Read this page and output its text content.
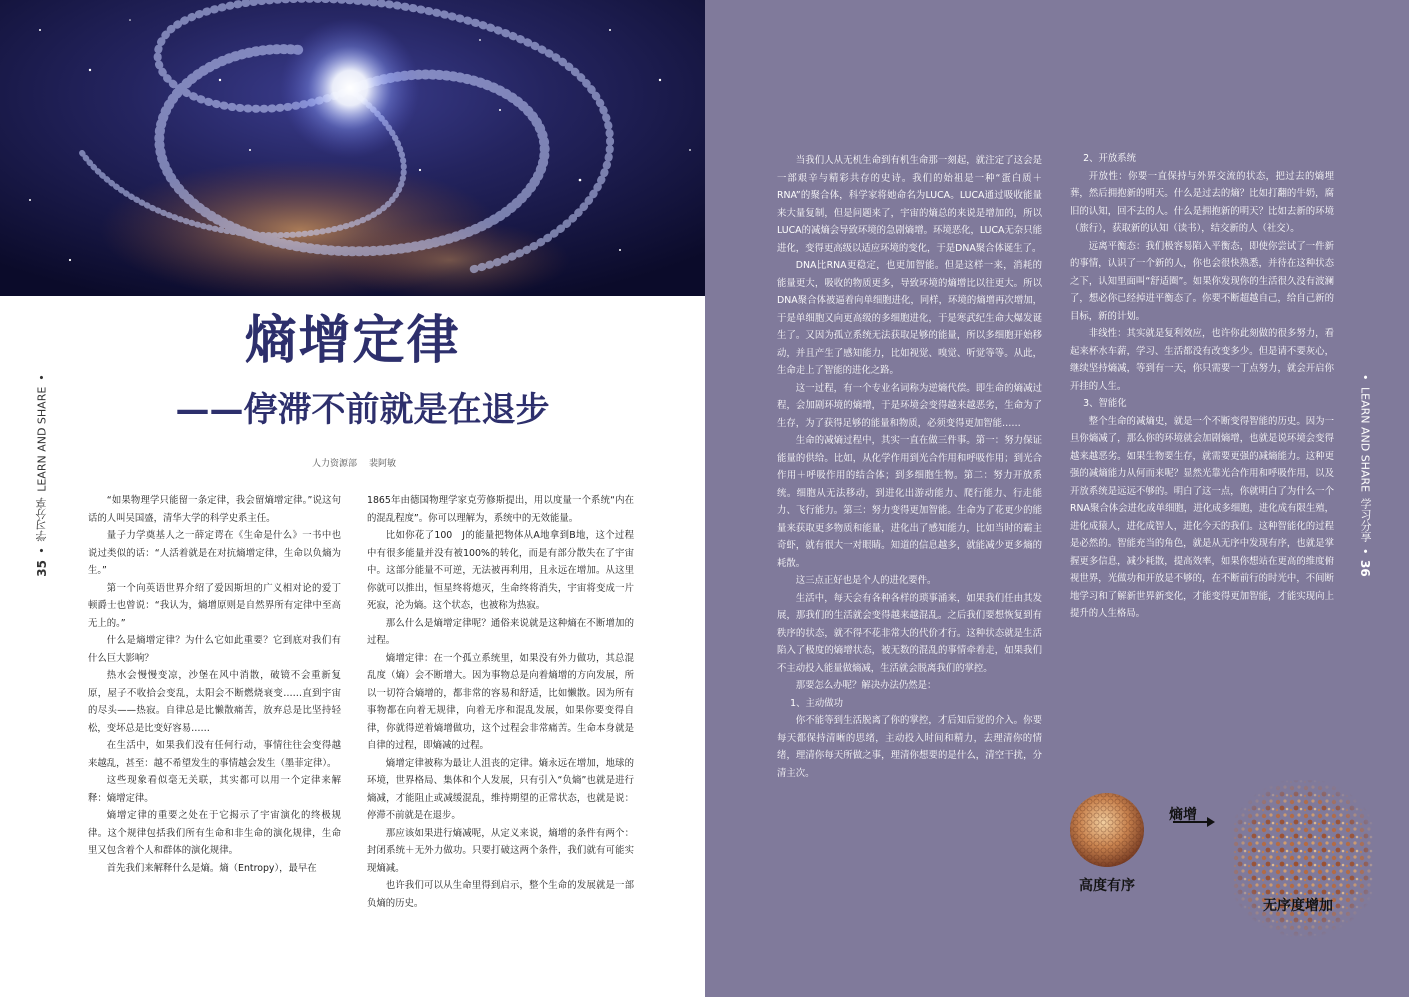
熵增定律
——停滞不前就是在退步
人力资源部 裴阿敏
35
•
学习分享
LEARN AND SHARE
•

“如果物理学只能留一条定律，我会留熵增定律。”说这句话的人叫吴国盛，清华大学的科学史系主任。

量子力学奠基人之一薛定谔在《生命是什么》一书中也说过类似的话：“人活着就是在对抗熵增定律，生命以负熵为生。”

第一个向英语世界介绍了爱因斯坦的广义相对论的爱丁顿爵士也曾说：“我认为，熵增原则是自然界所有定律中至高无上的。”

什么是熵增定律？为什么它如此重要？它到底对我们有什么巨大影响？

热水会慢慢变凉，沙堡在风中消散，破镜不会重新复原，屋子不收拾会变乱，太阳会不断燃烧衰变……直到宇宙的尽头——热寂。自律总是比懒散痛苦，放弃总是比坚持轻松，变坏总是比变好容易……

在生活中，如果我们没有任何行动，事情往往会变得越来越乱，甚至：越不希望发生的事情越会发生（墨菲定律）。

这些现象看似毫无关联，其实都可以用一个定律来解释：熵增定律。

熵增定律的重要之处在于它揭示了宇宙演化的终极规律。这个规律包括我们所有生命和非生命的演化规律，生命里又包含着个人和群体的演化规律。

首先我们来解释什么是熵。熵（Entropy），最早在

1865年由德国物理学家克劳修斯提出，用以度量一个系统“内在的混乱程度”。你可以理解为，系统中的无效能量。

比如你花了100　J的能量把物体从A地拿到B地，这个过程中有很多能量并没有被100%的转化，而是有部分散失在了宇宙中。这部分能量不可逆，无法被再利用，且永远在增加。从这里你就可以推出，恒星终将熄灭，生命终将消失，宇宙将变成一片死寂，沦为熵。这个状态，也被称为热寂。

那么什么是熵增定律呢？通俗来说就是这种熵在不断增加的过程。

熵增定律：在一个孤立系统里，如果没有外力做功，其总混乱度（熵）会不断增大。因为事物总是向着熵增的方向发展，所以一切符合熵增的，都非常的容易和舒适，比如懒散。因为所有事物都在向着无规律，向着无序和混乱发展，如果你要变得自律，你就得逆着熵增做功，这个过程会非常痛苦。生命本身就是自律的过程，即熵减的过程。

熵增定律被称为最让人沮丧的定律。熵永远在增加，地球的环境，世界格局、集体和个人发展，只有引入“负熵”也就是进行熵减，才能阻止或减缓混乱，维持期望的正常状态，也就是说：停滞不前就是在退步。

那应该如果进行熵减呢，从定义来说，熵增的条件有两个：封闭系统＋无外力做功。只要打破这两个条件，我们就有可能实现熵减。

也许我们可以从生命里得到启示，整个生命的发展就是一部负熵的历史。

当我们人从无机生命到有机生命那一刻起，就注定了这会是一部艰辛与精彩共存的史诗。我们的始祖是一种“蛋白质＋RNA”的聚合体，科学家将她命名为LUCA。LUCA通过吸收能量来大量复制，但是问题来了，宇宙的熵总的来说是增加的，所以LUCA的减熵会导致环境的急剧熵增。环境恶化，LUCA无奈只能进化，变得更高级以适应环境的变化，于是DNA聚合体诞生了。

DNA比RNA更稳定，也更加智能。但是这样一来，消耗的能量更大，吸收的物质更多，导致环境的熵增比以往更大。所以DNA聚合体被逼着向单细胞进化，同样，环境的熵增再次增加，于是单细胞又向更高级的多细胞进化，于是寒武纪生命大爆发诞生了。又因为孤立系统无法获取足够的能量，所以多细胞开始移动，并且产生了感知能力，比如视觉、嗅觉、听觉等等。从此，生命走上了智能的进化之路。

这一过程，有一个专业名词称为逆熵代偿。即生命的熵减过程，会加剧环境的熵增，于是环境会变得越来越恶劣，生命为了生存，为了获得足够的能量和物质，必须变得更加智能……

生命的减熵过程中，其实一直在做三件事。第一：努力保证能量的供给。比如，从化学作用到光合作用和呼吸作用；到光合作用＋呼吸作用的结合体；到多细胞生物。第二：努力开放系统。细胞从无法移动，到进化出游动能力、爬行能力、行走能力、飞行能力。第三：努力变得更加智能。生命为了花更少的能量来获取更多物质和能量，进化出了感知能力，比如当时的霸主奇虾，就有很大一对眼睛。知道的信息越多，就能减少更多熵的耗散。

这三点正好也是个人的进化要件。

生活中，每天会有各种各样的琐事涌来，如果我们任由其发展，那我们的生活就会变得越来越混乱。之后我们要想恢复到有秩序的状态，就不得不花非常大的代价才行。这种状态就是生活陷入了极度的熵增状态，被无数的混乱的事情牵着走，如果我们不主动投入能量做熵减，生活就会脱离我们的掌控。

那要怎么办呢？解决办法仍然是：

1、主动做功

你不能等到生活脱离了你的掌控，才后知后觉的介入。你要每天都保持清晰的思绪，主动投入时间和精力，去理清你的情绪，理清你每天所做之事，理清你想要的是什么，清空干扰，分清主次。

2、开放系统

开放性：你要一直保持与外界交流的状态，把过去的熵埋葬，然后拥抱新的明天。什么是过去的熵？比如打翻的牛奶，腐旧的认知，回不去的人。什么是拥抱新的明天？比如去新的环境（旅行），获取新的认知（读书），结交新的人（社交）。

远离平衡态：我们极容易陷入平衡态，即使你尝试了一件新的事情，认识了一个新的人，你也会很快熟悉，并待在这种状态之下，认知里面叫“舒适圈”。如果你发现你的生活很久没有波澜了，想必你已经掉进平衡态了。你要不断超越自己，给自己新的目标，新的计划。

非线性：其实就是复利效应，也许你此刻做的很多努力，看起来杯水车薪，学习、生活都没有改变多少。但是请不要灰心，继续坚持熵减，等到有一天，你只需要一丁点努力，就会开启你开挂的人生。

3、智能化

整个生命的减熵史，就是一个不断变得智能的历史。因为一旦你熵减了，那么你的环境就会加剧熵增，也就是说环境会变得越来越恶劣。如果生物要生存，就需要更强的减熵能力。这种更强的减熵能力从何而来呢？显然光靠光合作用和呼吸作用，以及开放系统是远远不够的。明白了这一点，你就明白了为什么一个RNA聚合体会进化成单细胞，进化成多细胞，进化成有限生殖，进化成猿人，进化成智人，进化今天的我们。这种智能化的过程是必然的。智能充当的角色，就是从无序中发现有序，也就是掌握更多信息，减少耗散，提高效率，如果你想站在更高的维度俯视世界，光做功和开放是不够的，在不断前行的时光中，不间断地学习和了解新世界新变化，才能变得更加智能，才能实现向上提升的人生格局。

•
LEARN AND SHARE
学习分享
•
36
熵增
高度有序
无序度增加
